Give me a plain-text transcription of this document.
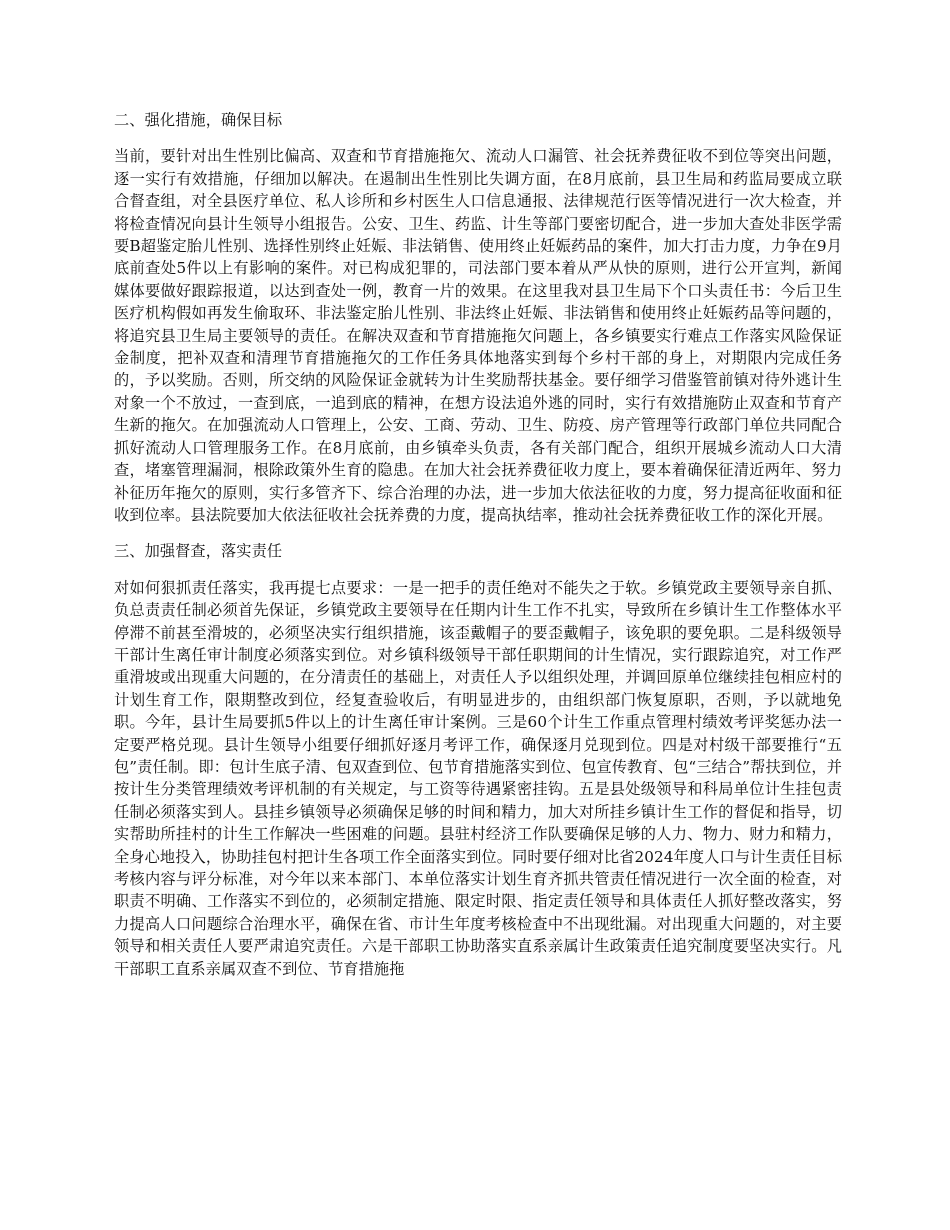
二、强化措施，确保目标

当前，要针对出生性别比偏高、双查和节育措施拖欠、流动人口漏管、社会抚养费征收不到位等突出问题，逐一实行有效措施，仔细加以解决。在遏制出生性别比失调方面，在8月底前，县卫生局和药监局要成立联合督查组，对全县医疗单位、私人诊所和乡村医生人口信息通报、法律规范行医等情况进行一次大检查，并将检查情况向县计生领导小组报告。公安、卫生、药监、计生等部门要密切配合，进一步加大查处非医学需要B超鉴定胎儿性别、选择性别终止妊娠、非法销售、使用终止妊娠药品的案件，加大打击力度，力争在9月底前查处5件以上有影响的案件。对已构成犯罪的，司法部门要本着从严从快的原则，进行公开宣判，新闻媒体要做好跟踪报道，以达到查处一例，教育一片的效果。在这里我对县卫生局下个口头责任书：今后卫生医疗机构假如再发生偷取环、非法鉴定胎儿性别、非法终止妊娠、非法销售和使用终止妊娠药品等问题的，将追究县卫生局主要领导的责任。在解决双查和节育措施拖欠问题上，各乡镇要实行难点工作落实风险保证金制度，把补双查和清理节育措施拖欠的工作任务具体地落实到每个乡村干部的身上，对期限内完成任务的，予以奖励。否则，所交纳的风险保证金就转为计生奖励帮扶基金。要仔细学习借鉴管前镇对待外逃计生对象一个不放过，一查到底，一追到底的精神，在想方设法追外逃的同时，实行有效措施防止双查和节育产生新的拖欠。在加强流动人口管理上，公安、工商、劳动、卫生、防疫、房产管理等行政部门单位共同配合抓好流动人口管理服务工作。在8月底前，由乡镇牵头负责，各有关部门配合，组织开展城乡流动人口大清查，堵塞管理漏洞，根除政策外生育的隐患。在加大社会抚养费征收力度上，要本着确保征清近两年、努力补征历年拖欠的原则，实行多管齐下、综合治理的办法，进一步加大依法征收的力度，努力提高征收面和征收到位率。县法院要加大依法征收社会抚养费的力度，提高执结率，推动社会抚养费征收工作的深化开展。

三、加强督查，落实责任

对如何狠抓责任落实，我再提七点要求：一是一把手的责任绝对不能失之于软。乡镇党政主要领导亲自抓、负总责责任制必须首先保证，乡镇党政主要领导在任期内计生工作不扎实，导致所在乡镇计生工作整体水平停滞不前甚至滑坡的，必须坚决实行组织措施，该歪戴帽子的要歪戴帽子，该免职的要免职。二是科级领导干部计生离任审计制度必须落实到位。对乡镇科级领导干部任职期间的计生情况，实行跟踪追究，对工作严重滑坡或出现重大问题的，在分清责任的基础上，对责任人予以组织处理，并调回原单位继续挂包相应村的计划生育工作，限期整改到位，经复查验收后，有明显进步的，由组织部门恢复原职，否则，予以就地免职。今年，县计生局要抓5件以上的计生离任审计案例。三是60个计生工作重点管理村绩效考评奖惩办法一定要严格兑现。县计生领导小组要仔细抓好逐月考评工作，确保逐月兑现到位。四是对村级干部要推行“五包”责任制。即：包计生底子清、包双查到位、包节育措施落实到位、包宣传教育、包“三结合”帮扶到位，并按计生分类管理绩效考评机制的有关规定，与工资等待遇紧密挂钩。五是县处级领导和科局单位计生挂包责任制必须落实到人。县挂乡镇领导必须确保足够的时间和精力，加大对所挂乡镇计生工作的督促和指导，切实帮助所挂村的计生工作解决一些困难的问题。县驻村经济工作队要确保足够的人力、物力、财力和精力，全身心地投入，协助挂包村把计生各项工作全面落实到位。同时要仔细对比省2024年度人口与计生责任目标考核内容与评分标准，对今年以来本部门、本单位落实计划生育齐抓共管责任情况进行一次全面的检查，对职责不明确、工作落实不到位的，必须制定措施、限定时限、指定责任领导和具体责任人抓好整改落实，努力提高人口问题综合治理水平，确保在省、市计生年度考核检查中不出现纰漏。对出现重大问题的，对主要领导和相关责任人要严肃追究责任。六是干部职工协助落实直系亲属计生政策责任追究制度要坚决实行。凡干部职工直系亲属双查不到位、节育措施拖
